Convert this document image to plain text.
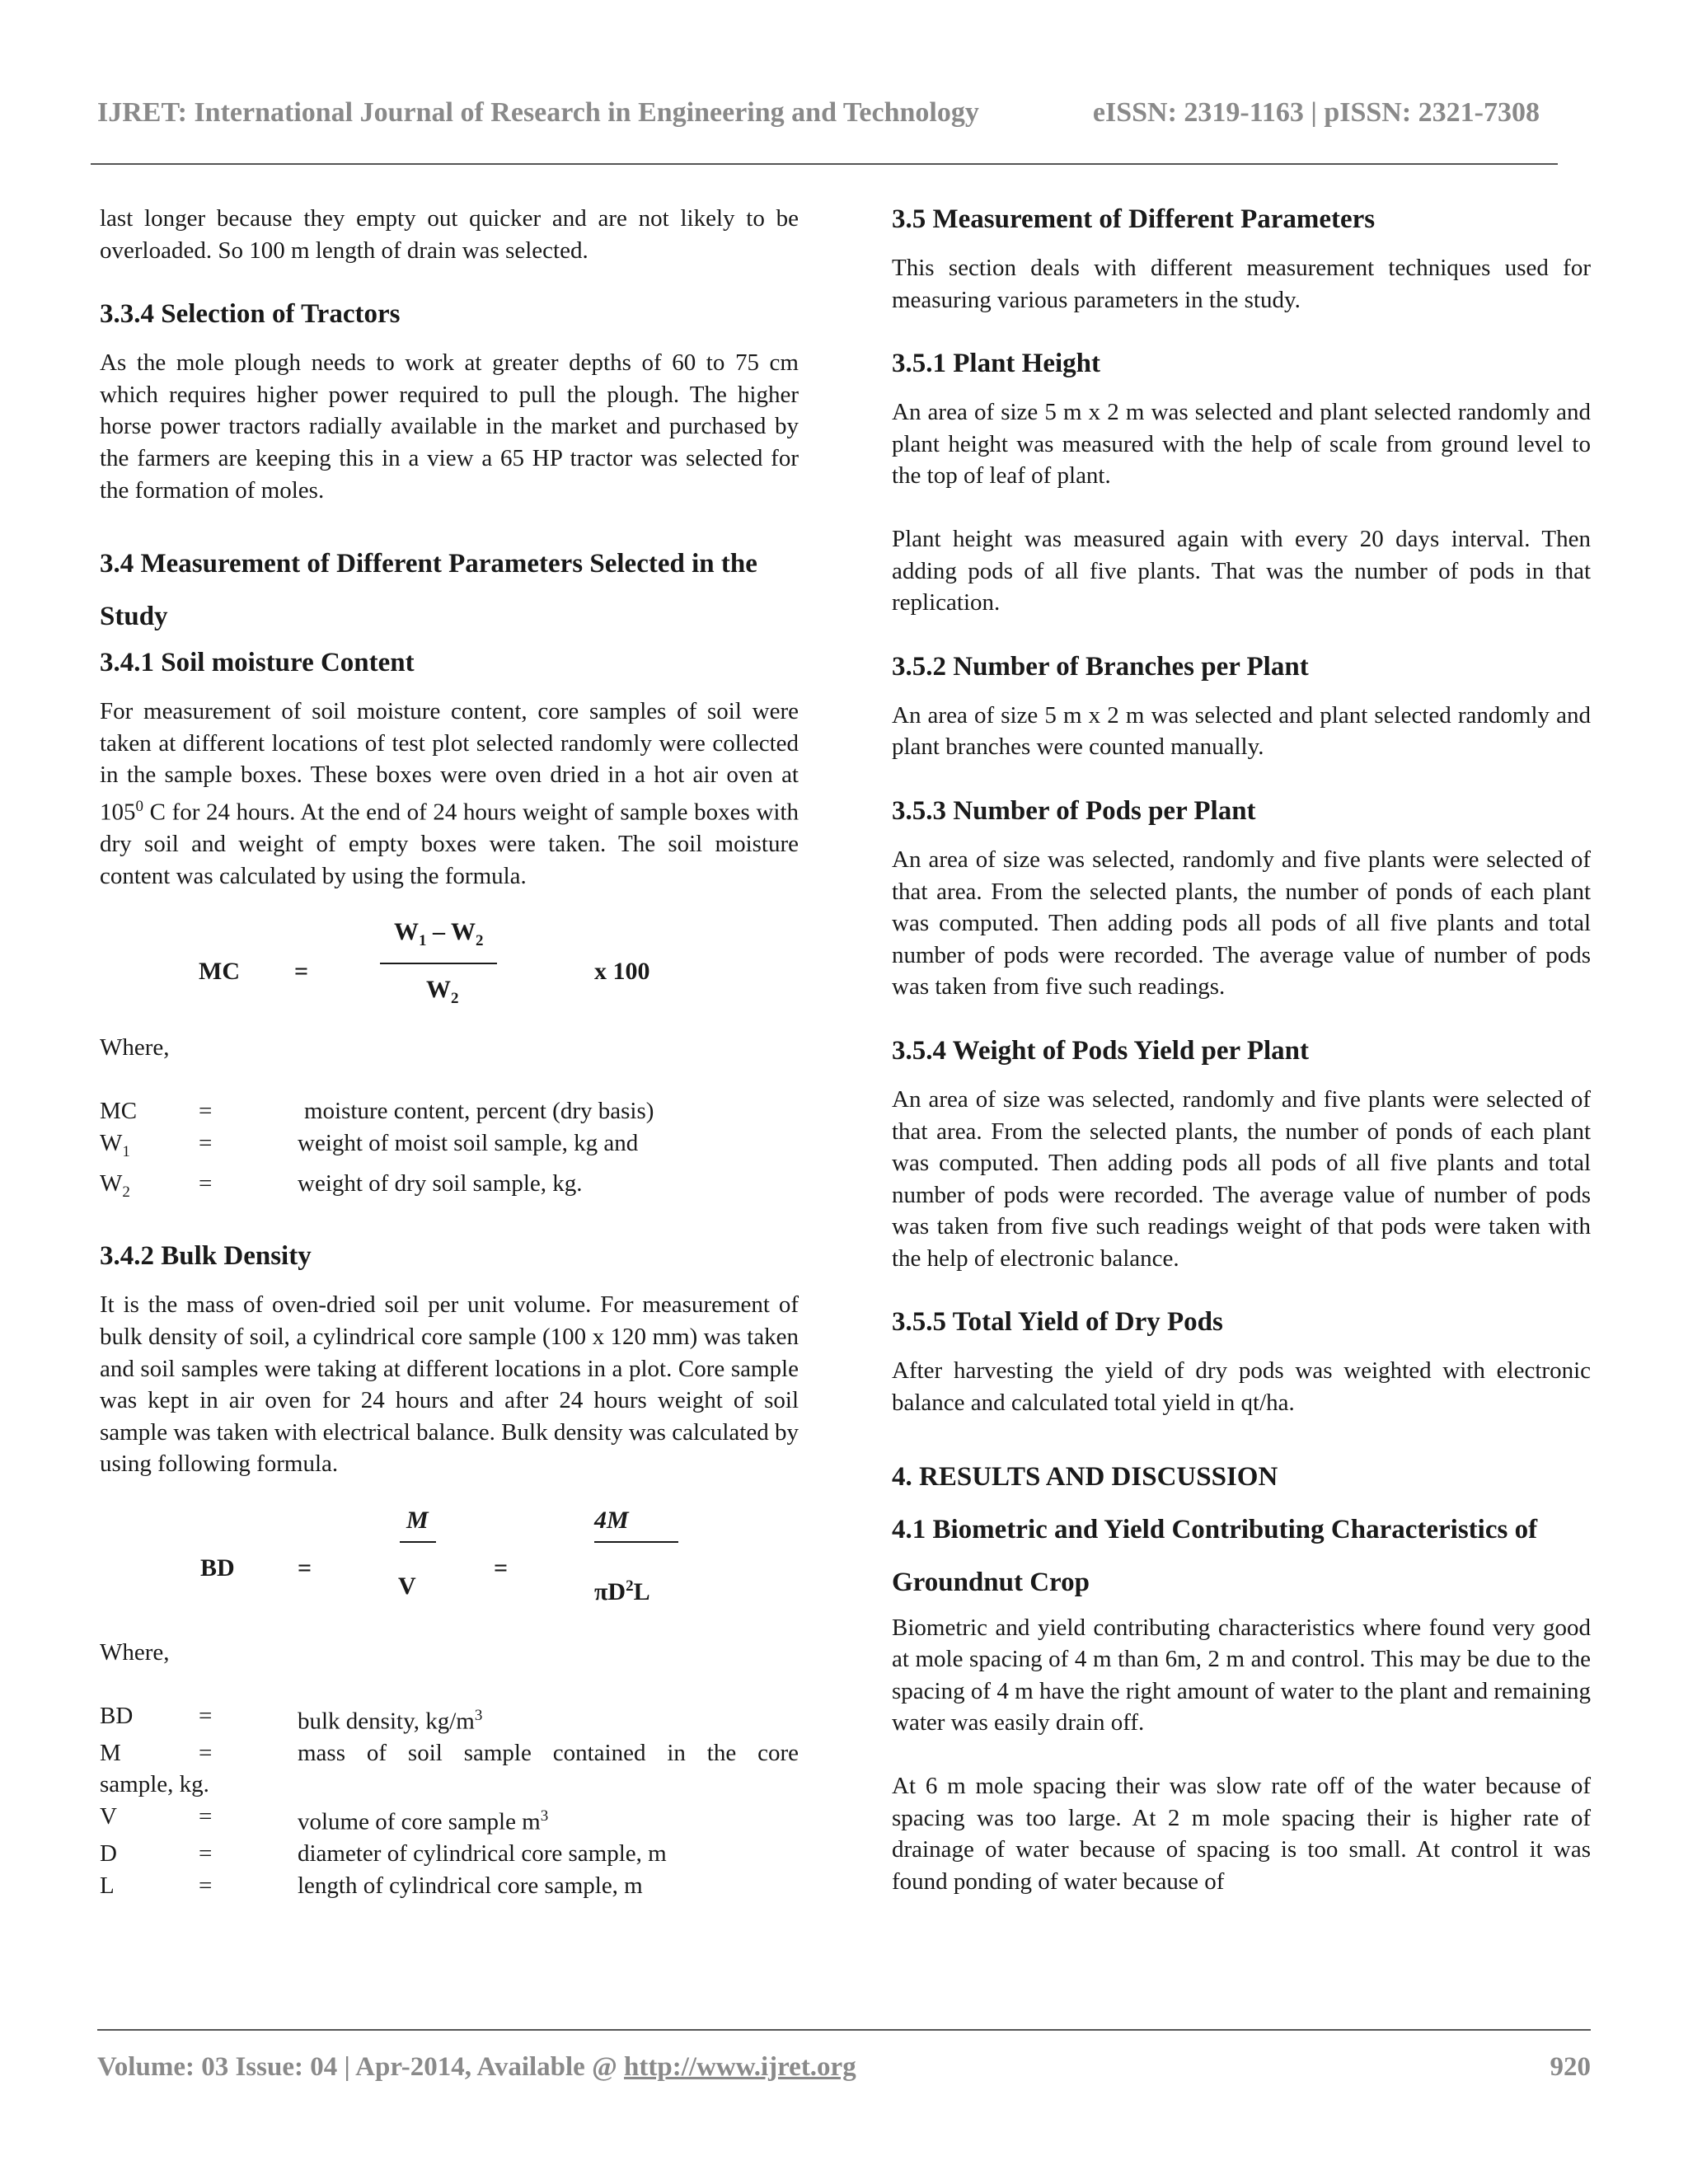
IJRET: International Journal of Research in Engineering and Technology	eISSN: 2319-1163 | pISSN: 2321-7308

last longer because they empty out quicker and are not likely to be overloaded. So 100 m length of drain was selected.

3.3.4 Selection of Tractors

As the mole plough needs to work at greater depths of 60 to 75 cm which requires higher power required to pull the plough. The higher horse power tractors radially available in the market and purchased by the farmers are keeping this in a view a 65 HP tractor was selected for the formation of moles.

3.4 Measurement of Different Parameters Selected in the Study
3.4.1 Soil moisture Content

For measurement of soil moisture content, core samples of soil were taken at different locations of test plot selected randomly were collected in the sample boxes. These boxes were oven dried in a hot air oven at $105^0$ C for 24 hours. At the end of 24 hours weight of sample boxes with dry soil and weight of empty boxes were taken. The soil moisture content was calculated by using the formula.

MC =
$W_1 - W_2$
$W_2$
x 100

Where,

MC	=	moisture content, percent (dry basis)
$W_1$	=	weight of moist soil sample, kg and
$W_2$	=	weight of dry soil sample, kg.
3.4.2 Bulk Density

It is the mass of oven-dried soil per unit volume. For measurement of bulk density of soil, a cylindrical core sample (100 x 120 mm) was taken and soil samples were taking at different locations in a plot. Core sample was kept in air oven for 24 hours and after 24 hours weight of soil sample was taken with electrical balance. Bulk density was calculated by using following formula.

BD	=
M
V
=
4M
$\pi D^2L$

Where,

BD	=	bulk density, $kg/m^3$
M	=	mass of soil sample contained in the core
sample, kg.		
V	=	volume of core sample $m^3$
D	=	diameter of cylindrical core sample, m
L	=	length of cylindrical core sample, m
3.5 Measurement of Different Parameters

This section deals with different measurement techniques used for measuring various parameters in the study.

3.5.1 Plant Height

An area of size 5 m x 2 m was selected and plant selected randomly and plant height was measured with the help of scale from ground level to the top of leaf of plant.

Plant height was measured again with every 20 days interval. Then adding pods of all five plants. That was the number of pods in that replication.

3.5.2 Number of Branches per Plant

An area of size 5 m x 2 m was selected and plant selected randomly and plant branches were counted manually.

3.5.3 Number of Pods per Plant

An area of size was selected, randomly and five plants were selected of that area. From the selected plants, the number of ponds of each plant was computed. Then adding pods all pods of all five plants and total number of pods were recorded. The average value of number of pods was taken from five such readings.

3.5.4 Weight of Pods Yield per Plant

An area of size was selected, randomly and five plants were selected of that area. From the selected plants, the number of ponds of each plant was computed. Then adding pods all pods of all five plants and total number of pods were recorded. The average value of number of pods was taken from five such readings weight of that pods were taken with the help of electronic balance.

3.5.5 Total Yield of Dry Pods

After harvesting the yield of dry pods was weighted with electronic balance and calculated total yield in qt/ha.

4. RESULTS AND DISCUSSION
4.1 Biometric and Yield Contributing Characteristics of Groundnut Crop

Biometric and yield contributing characteristics where found very good at mole spacing of 4 m than 6m, 2 m and control. This may be due to the spacing of 4 m have the right amount of water to the plant and remaining water was easily drain off.

At 6 m mole spacing their was slow rate off of the water because of spacing was too large. At 2 m mole spacing their is higher rate of drainage of water because of spacing is too small. At control it was found ponding of water because of

Volume: 03 Issue: 04 | Apr-2014, Available @ http://www.ijret.org	920
